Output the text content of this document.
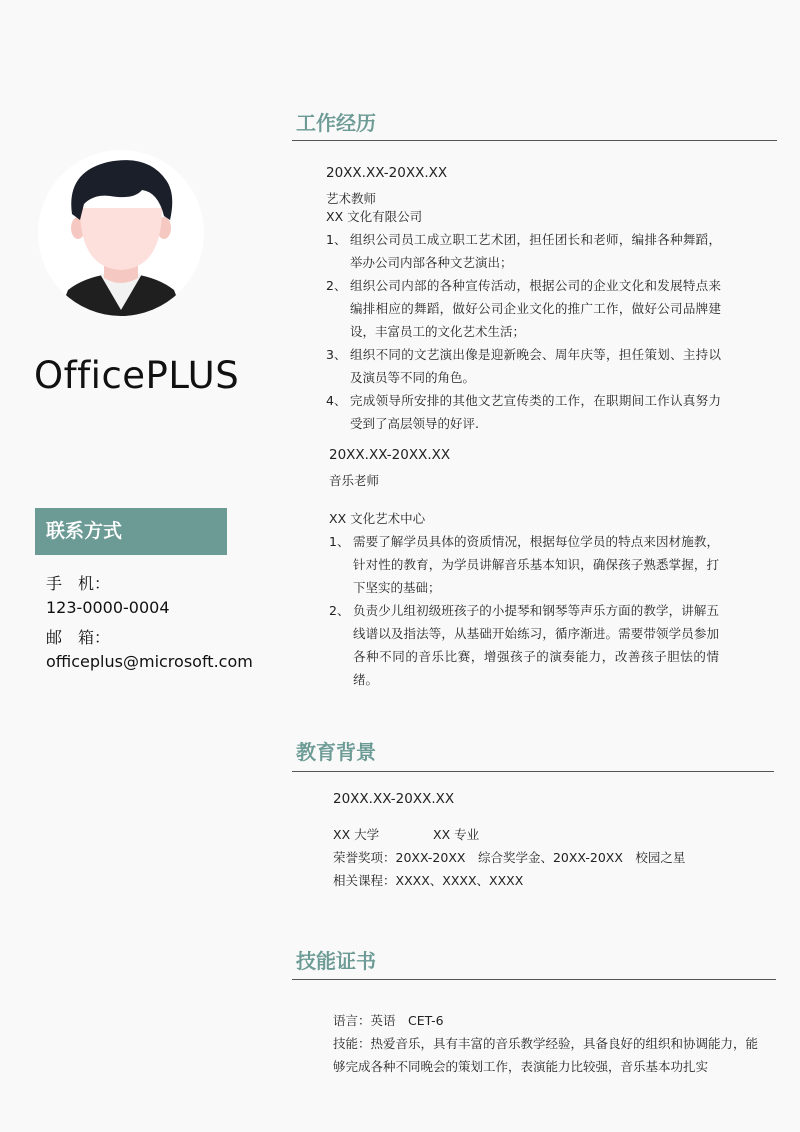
OfficePLUS
联系方式
手　机：
123-0000-0004
邮　箱：
officeplus@microsoft.com
工作经历
20XX.XX-20XX.XX
艺术教师
XX 文化有限公司
1、 组织公司员工成立职工艺术团，担任团长和老师，编排各种舞蹈，举办公司内部各种文艺演出；
2、 组织公司内部的各种宣传活动，根据公司的企业文化和发展特点来编排相应的舞蹈，做好公司企业文化的推广工作，做好公司品牌建设，丰富员工的文化艺术生活；
3、 组织不同的文艺演出像是迎新晚会、周年庆等，担任策划、主持以及演员等不同的角色。
4、 完成领导所安排的其他文艺宣传类的工作，在职期间工作认真努力受到了高层领导的好评.
20XX.XX-20XX.XX
音乐老师
XX 文化艺术中心
1、 需要了解学员具体的资质情况，根据每位学员的特点来因材施教，针对性的教育，为学员讲解音乐基本知识，确保孩子熟悉掌握，打下坚实的基础；
2、 负责少儿组初级班孩子的小提琴和钢琴等声乐方面的教学，讲解五线谱以及指法等，从基础开始练习，循序渐进。需要带领学员参加各种不同的音乐比赛，增强孩子的演奏能力，改善孩子胆怯的情绪。
教育背景
20XX.XX-20XX.XX
XX 大学	XX 专业
荣誉奖项：20XX-20XX　综合奖学金、20XX-20XX　校园之星
相关课程：XXXX、XXXX、XXXX
技能证书
语言：英语　CET-6
技能：热爱音乐，具有丰富的音乐教学经验，具备良好的组织和协调能力，能
够完成各种不同晚会的策划工作，表演能力比较强，音乐基本功扎实
